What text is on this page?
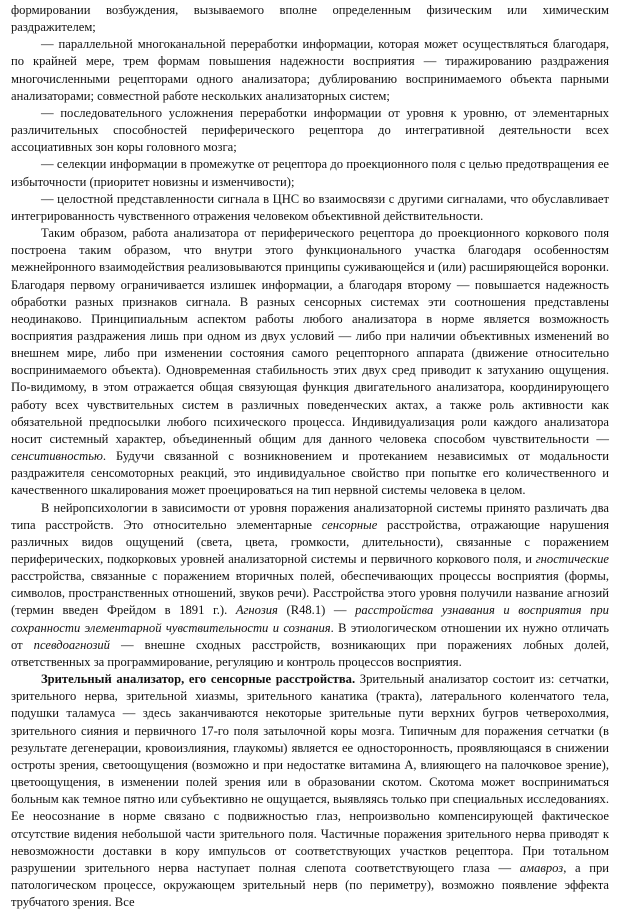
формировании возбуждения, вызываемого вполне определенным физическим или химическим раздражителем;

— параллельной многоканальной переработки информации, которая может осуществляться благодаря, по крайней мере, трем формам повышения надежности восприятия — тиражированию раздражения многочисленными рецепторами одного анализатора; дублированию воспринимаемого объекта парными анализаторами; совместной работе нескольких анализаторных систем;

— последовательного усложнения переработки информации от уровня к уровню, от элементарных различительных способностей периферического рецептора до интегративной деятельности всех ассоциативных зон коры головного мозга;

— селекции информации в промежутке от рецептора до проекционного поля с целью предотвращения ее избыточности (приоритет новизны и изменчивости);

— целостной представленности сигнала в ЦНС во взаимосвязи с другими сигналами, что обуславливает интегрированность чувственного отражения человеком объективной действительности.

Таким образом, работа анализатора от периферического рецептора до проекционного коркового поля построена таким образом, что внутри этого функционального участка благодаря особенностям межнейронного взаимодействия реализовываются принципы суживающейся и (или) расширяющейся воронки. Благодаря первому ограничивается излишек информации, а благодаря второму — повышается надежность обработки разных признаков сигнала. В разных сенсорных системах эти соотношения представлены неодинаково. Принципиальным аспектом работы любого анализатора в норме является возможность восприятия раздражения лишь при одном из двух условий — либо при наличии объективных изменений во внешнем мире, либо при изменении состояния самого рецепторного аппарата (движение относительно воспринимаемого объекта). Одновременная стабильность этих двух сред приводит к затуханию ощущения. По-видимому, в этом отражается общая связующая функция двигательного анализатора, координирующего работу всех чувствительных систем в различных поведенческих актах, а также роль активности как обязательной предпосылки любого психического процесса. Индивидуализация роли каждого анализатора носит системный характер, объединенный общим для данного человека способом чувствительности — сенситивностью. Будучи связанной с возникновением и протеканием независимых от модальности раздражителя сенсомоторных реакций, это индивидуальное свойство при попытке его количественного и качественного шкалирования может проецироваться на тип нервной системы человека в целом.

В нейропсихологии в зависимости от уровня поражения анализаторной системы принято различать два типа расстройств. Это относительно элементарные сенсорные расстройства, отражающие нарушения различных видов ощущений (света, цвета, громкости, длительности), связанные с поражением периферических, подкорковых уровней анализаторной системы и первичного коркового поля, и гностические расстройства, связанные с поражением вторичных полей, обеспечивающих процессы восприятия (формы, символов, пространственных отношений, звуков речи). Расстройства этого уровня получили название агнозий (термин введен Фрейдом в 1891 г.). Агнозия (R48.1) — расстройства узнавания и восприятия при сохранности элементарной чувствительности и сознания. В этиологическом отношении их нужно отличать от псевдоагнозий — внешне сходных расстройств, возникающих при поражениях лобных долей, ответственных за программирование, регуляцию и контроль процессов восприятия.

Зрительный анализатор, его сенсорные расстройства. Зрительный анализатор состоит из: сетчатки, зрительного нерва, зрительной хиазмы, зрительного канатика (тракта), латерального коленчатого тела, подушки таламуса — здесь заканчиваются некоторые зрительные пути верхних бугров четверохолмия, зрительного сияния и первичного 17-го поля затылочной коры мозга. Типичным для поражения сетчатки (в результате дегенерации, кровоизлияния, глаукомы) является ее односторонность, проявляющаяся в снижении остроты зрения, светоощущения (возможно и при недостатке витамина А, влияющего на палочковое зрение), цветоощущения, в изменении полей зрения или в образовании скотом. Скотома может восприниматься больным как темное пятно или субъективно не ощущается, выявляясь только при специальных исследованиях. Ее неосознание в норме связано с подвижностью глаз, непроизвольно компенсирующей фактическое отсутствие видения небольшой части зрительного поля. Частичные поражения зрительного нерва приводят к невозможности доставки в кору импульсов от соответствующих участков рецептора. При тотальном разрушении зрительного нерва наступает полная слепота соответствующего глаза — амавроз, а при патологическом процессе, окружающем зрительный нерв (по периметру), возможно появление эффекта трубчатого зрения. Все
